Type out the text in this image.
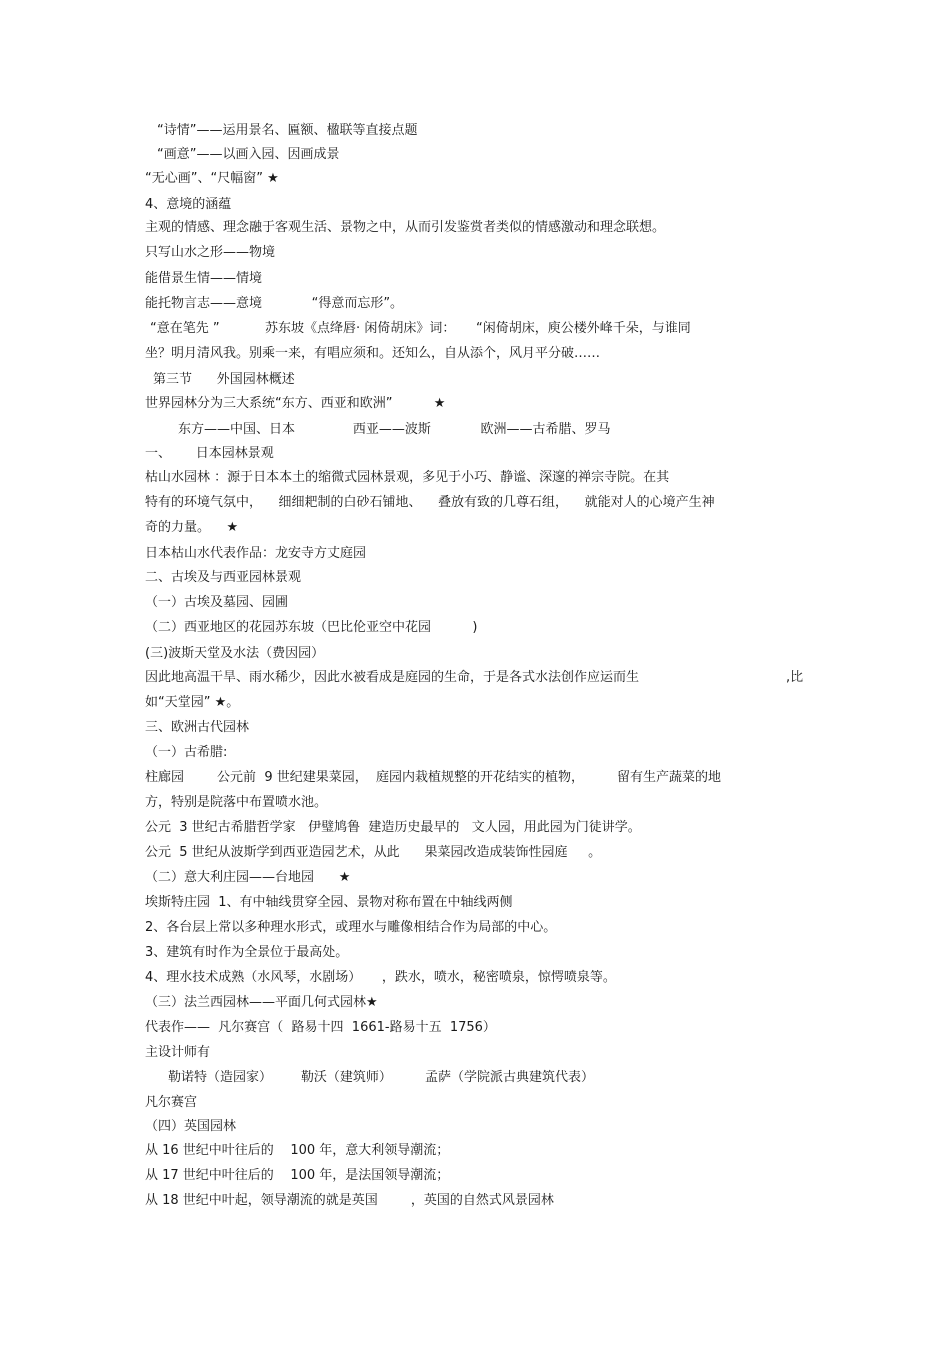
“诗情”——运用景名、匾额、楹联等直接点题
“画意”——以画入园、因画成景
“无心画”、“尺幅窗” ★
4、意境的涵蕴
主观的情感、理念融于客观生活、景物之中，从而引发鉴赏者类似的情感激动和理念联想。
只写山水之形——物境
能借景生情——情境
能托物言志——意境            “得意而忘形”。
“意在笔先 ”           苏东坡《点绛唇· 闲倚胡床》词：     “闲倚胡床，庾公楼外峰千朵，与谁同
坐？明月清风我。别乘一来，有唱应须和。还知么，自从添个，风月平分破……
第三节      外国园林概述
世界园林分为三大系统“东方、西亚和欧洲”          ★
东方——中国、日本              西亚——波斯            欧洲——古希腊、罗马
一、      日本园林景观
枯山水园林 ：源于日本本土的缩微式园林景观，多见于小巧、静谧、深邃的禅宗寺院。在其
特有的环境气氛中，    细细耙制的白砂石铺地、    叠放有致的几尊石组，    就能对人的心境产生神
奇的力量。    ★
日本枯山水代表作品：龙安寺方丈庭园
二、古埃及与西亚园林景观
（一）古埃及墓园、园圃
（二）西亚地区的花园苏东坡（巴比伦亚空中花园          )
(三)波斯天堂及水法（费因园）
因此地高温干旱、雨水稀少，因此水被看成是庭园的生命，于是各式水法创作应运而生	,比
如“天堂园” ★。
三、欧洲古代园林
（一）古希腊:
柱廊园        公元前  9 世纪建果菜园，  庭园内栽植规整的开花结实的植物，        留有生产蔬菜的地
方，特别是院落中布置喷水池。
公元  3 世纪古希腊哲学家   伊璧鸠鲁  建造历史最早的   文人园，用此园为门徒讲学。
公元  5 世纪从波斯学到西亚造园艺术，从此      果菜园改造成装饰性园庭     。
（二）意大利庄园——台地园      ★
埃斯特庄园  1、有中轴线贯穿全园、景物对称布置在中轴线两侧
2、各台层上常以多种理水形式，或理水与雕像相结合作为局部的中心。
3、建筑有时作为全景位于最高处。
4、理水技术成熟（水风琴，水剧场）     ，跌水，喷水，秘密喷泉，惊愕喷泉等。
（三）法兰西园林——平面几何式园林★
代表作——  凡尔赛宫（  路易十四  1661-路易十五  1756）
主设计师有
勒诺特（造园家）       勒沃（建筑师）        孟萨（学院派古典建筑代表）
凡尔赛宫
（四）英国园林
从 16 世纪中叶往后的    100 年，意大利领导潮流；
从 17 世纪中叶往后的    100 年，是法国领导潮流；
从 18 世纪中叶起，领导潮流的就是英国        ，英国的自然式风景园林
